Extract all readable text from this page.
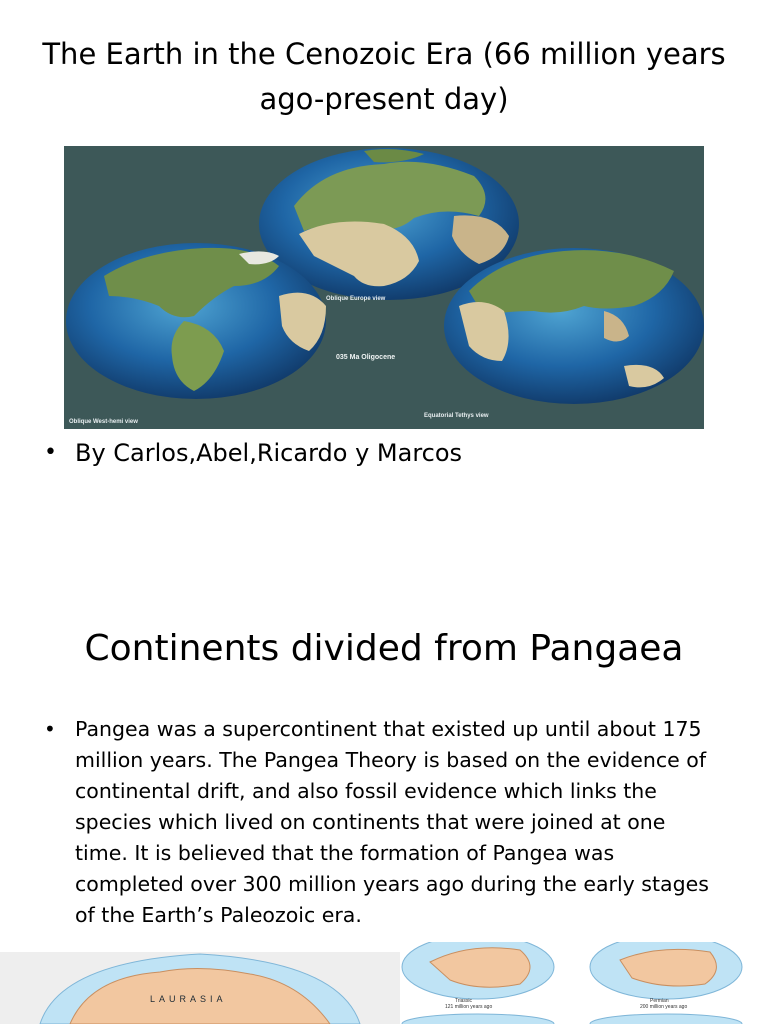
The Earth in the Cenozoic Era (66 million years ago-present day)
Oblique Europe view
035 Ma Oligocene
Oblique West-hemi view
Equatorial Tethys view
• By Carlos,Abel,Ricardo y Marcos
Continents divided from Pangaea
• Pangea was a supercontinent that existed up until about 175 million years. The Pangea Theory is based on the evidence of continental drift, and also fossil evidence which links the species which lived on continents that were joined at one time. It is believed that the formation of Pangea was completed over 300 million years ago during the early stages of the Earth’s Paleozoic era.
LAURASIA	Triassic 121 million years ago
Permian 200 million years ago
